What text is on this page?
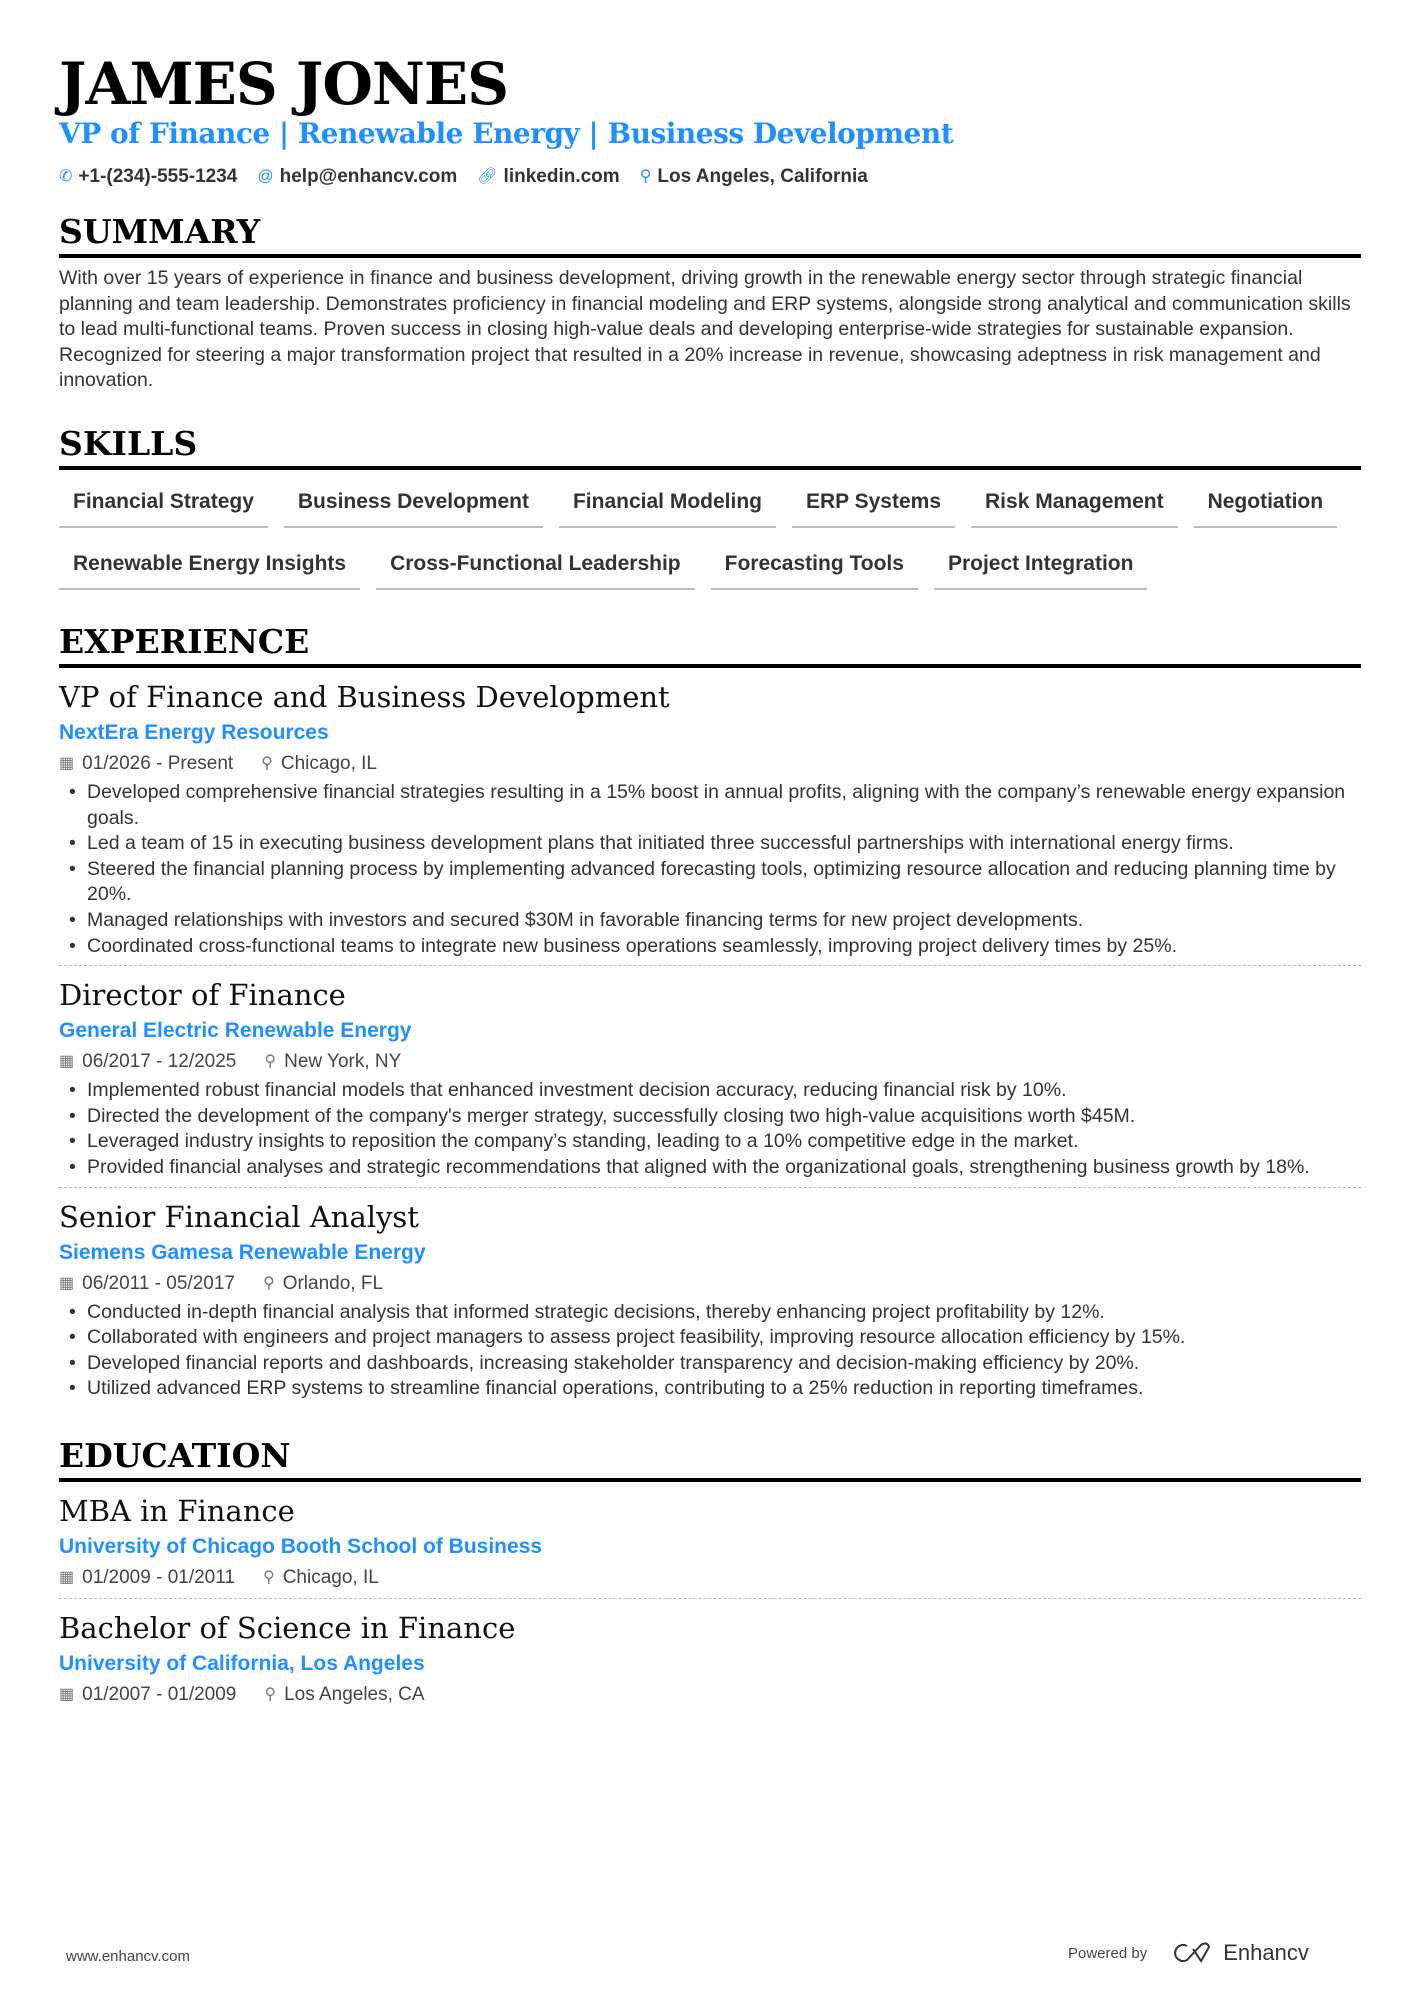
JAMES JONES
VP of Finance | Renewable Energy | Business Development
✆ +1-(234)-555-1234 @ help@enhancv.com 🔗︎ linkedin.com ⚲ Los Angeles, California
SUMMARY

With over 15 years of experience in finance and business development, driving growth in the renewable energy sector through strategic financial planning and team leadership. Demonstrates proficiency in financial modeling and ERP systems, alongside strong analytical and communication skills to lead multi-functional teams. Proven success in closing high-value deals and developing enterprise-wide strategies for sustainable expansion. Recognized for steering a major transformation project that resulted in a 20% increase in revenue, showcasing adeptness in risk management and innovation.

SKILLS
Financial Strategy	Business Development	Financial Modeling	ERP Systems	Risk Management	Negotiation
Renewable Energy Insights	Cross-Functional Leadership	Forecasting Tools	Project Integration
EXPERIENCE
VP of Finance and Business Development
NextEra Energy Resources
▦ 01/2026 - Present ⚲ Chicago, IL
• Developed comprehensive financial strategies resulting in a 15% boost in annual profits, aligning with the company’s renewable energy expansion goals.
• Led a team of 15 in executing business development plans that initiated three successful partnerships with international energy firms.
• Steered the financial planning process by implementing advanced forecasting tools, optimizing resource allocation and reducing planning time by 20%.
• Managed relationships with investors and secured $30M in favorable financing terms for new project developments.
• Coordinated cross-functional teams to integrate new business operations seamlessly, improving project delivery times by 25%.
Director of Finance
General Electric Renewable Energy
▦ 06/2017 - 12/2025 ⚲ New York, NY
• Implemented robust financial models that enhanced investment decision accuracy, reducing financial risk by 10%.
• Directed the development of the company's merger strategy, successfully closing two high-value acquisitions worth $45M.
• Leveraged industry insights to reposition the company’s standing, leading to a 10% competitive edge in the market.
• Provided financial analyses and strategic recommendations that aligned with the organizational goals, strengthening business growth by 18%.
Senior Financial Analyst
Siemens Gamesa Renewable Energy
▦ 06/2011 - 05/2017 ⚲ Orlando, FL
• Conducted in-depth financial analysis that informed strategic decisions, thereby enhancing project profitability by 12%.
• Collaborated with engineers and project managers to assess project feasibility, improving resource allocation efficiency by 15%.
• Developed financial reports and dashboards, increasing stakeholder transparency and decision-making efficiency by 20%.
• Utilized advanced ERP systems to streamline financial operations, contributing to a 25% reduction in reporting timeframes.
EDUCATION
MBA in Finance
University of Chicago Booth School of Business
▦ 01/2009 - 01/2011 ⚲ Chicago, IL
Bachelor of Science in Finance
University of California, Los Angeles
▦ 01/2007 - 01/2009 ⚲ Los Angeles, CA
www.enhancv.com	Powered by	Enhancv
